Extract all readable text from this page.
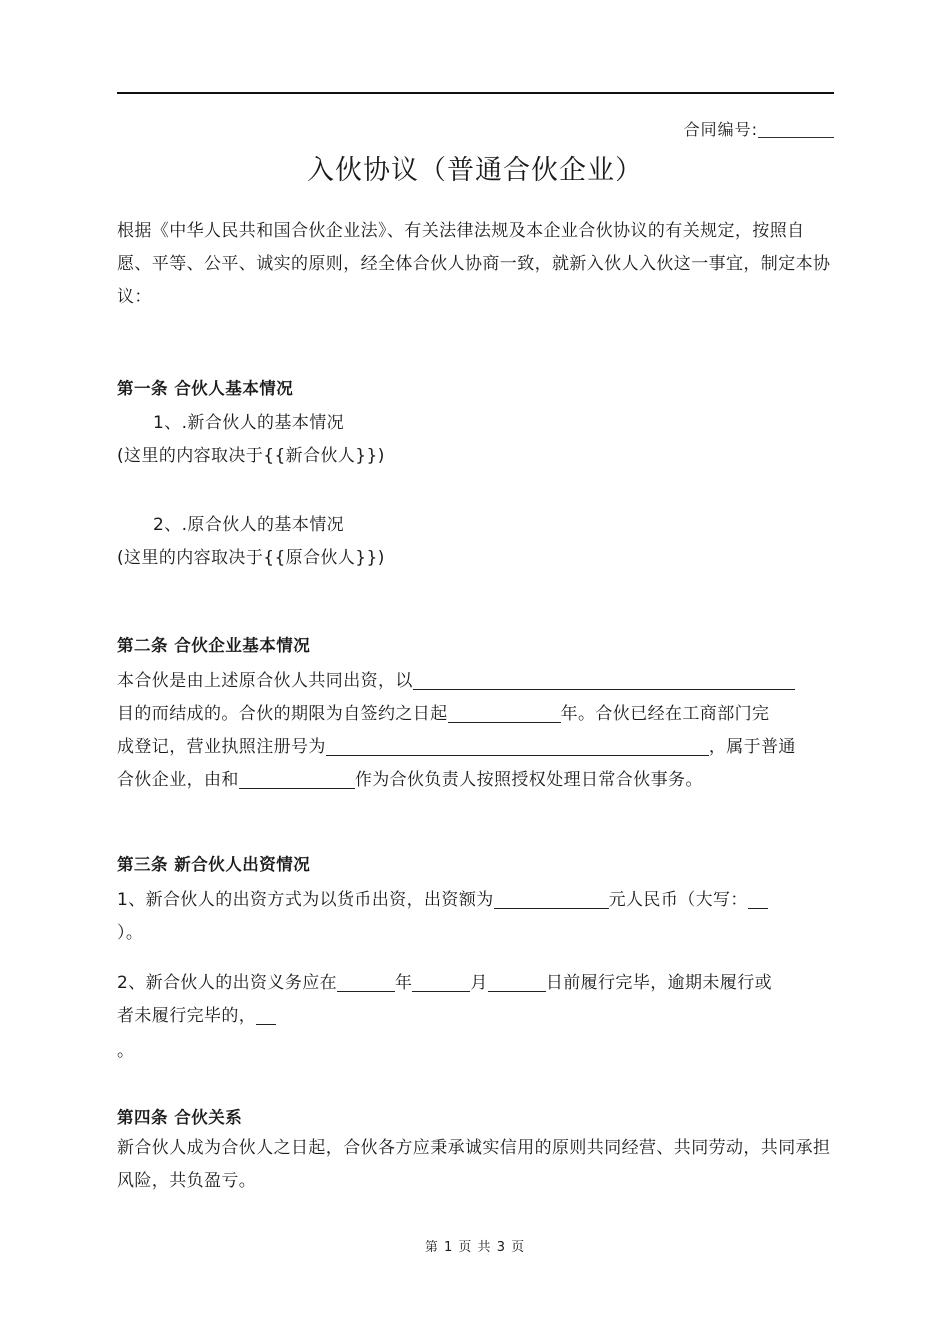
合同编号:
入伙协议（普通合伙企业）

根据《中华人民共和国合伙企业法》、有关法律法规及本企业合伙协议的有关规定，按照自愿、平等、公平、诚实的原则，经全体合伙人协商一致，就新入伙人入伙这一事宜，制定本协议：

第一条 合伙人基本情况
1、.新合伙人的基本情况
(这里的内容取决于{{新合伙人}})
2、.原合伙人的基本情况
(这里的内容取决于{{原合伙人}})
第二条 合伙企业基本情况
本合伙是由上述原合伙人共同出资，以
目的而结成的。合伙的期限为自签约之日起	年。合伙已经在工商部门完
成登记，营业执照注册号为	，属于普通
合伙企业，由和	作为合伙负责人按照授权处理日常合伙事务。
第三条 新合伙人出资情况
1、新合伙人的出资方式为以货币出资，出资额为	元人民币（大写：
）。
2、新合伙人的出资义务应在	年	月	日前履行完毕，逾期未履行或
者未履行完毕的，
。
第四条 合伙关系

新合伙人成为合伙人之日起，合伙各方应秉承诚实信用的原则共同经营、共同劳动，共同承担风险，共负盈亏。

第 1 页 共 3 页
